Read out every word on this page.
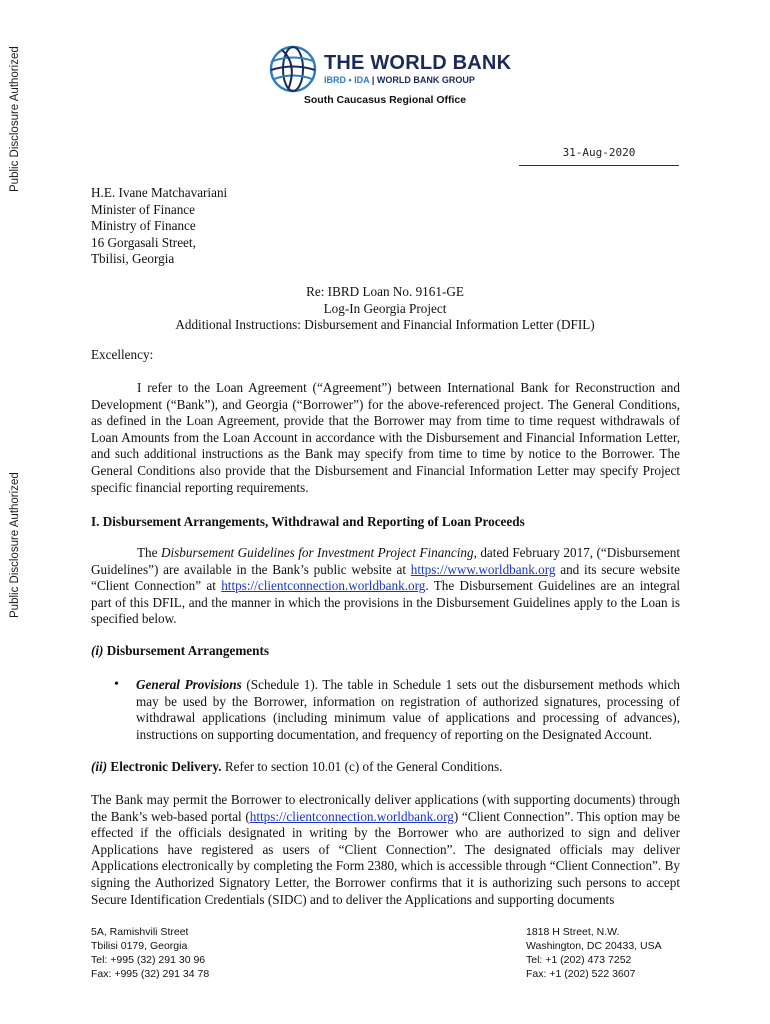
Public Disclosure Authorized
Public Disclosure Authorized
THE WORLD BANK
IBRD • IDA | WORLD BANK GROUP
South Caucasus Regional Office
31-Aug-2020
H.E. Ivane Matchavariani
Minister of Finance
Ministry of Finance
16 Gorgasali Street,
Tbilisi, Georgia
Re: IBRD Loan No. 9161-GE
Log-In Georgia Project
Additional Instructions: Disbursement and Financial Information Letter (DFIL)
Excellency:
I refer to the Loan Agreement (“Agreement”) between International Bank for Reconstruction and Development (“Bank”), and Georgia (“Borrower”) for the above-referenced project. The General Conditions, as defined in the Loan Agreement, provide that the Borrower may from time to time request withdrawals of Loan Amounts from the Loan Account in accordance with the Disbursement and Financial Information Letter, and such additional instructions as the Bank may specify from time to time by notice to the Borrower. The General Conditions also provide that the Disbursement and Financial Information Letter may specify Project specific financial reporting requirements.
I. Disbursement Arrangements, Withdrawal and Reporting of Loan Proceeds
The Disbursement Guidelines for Investment Project Financing, dated February 2017, (“Disbursement Guidelines”) are available in the Bank’s public website at https://www.worldbank.org and its secure website “Client Connection” at https://clientconnection.worldbank.org. The Disbursement Guidelines are an integral part of this DFIL, and the manner in which the provisions in the Disbursement Guidelines apply to the Loan is specified below.
(i) Disbursement Arrangements
• General Provisions (Schedule 1). The table in Schedule 1 sets out the disbursement methods which may be used by the Borrower, information on registration of authorized signatures, processing of withdrawal applications (including minimum value of applications and processing of advances), instructions on supporting documentation, and frequency of reporting on the Designated Account.
(ii) Electronic Delivery. Refer to section 10.01 (c) of the General Conditions.
The Bank may permit the Borrower to electronically deliver applications (with supporting documents) through the Bank’s web-based portal (https://clientconnection.worldbank.org) “Client Connection”. This option may be effected if the officials designated in writing by the Borrower who are authorized to sign and deliver Applications have registered as users of “Client Connection”. The designated officials may deliver Applications electronically by completing the Form 2380, which is accessible through “Client Connection”. By signing the Authorized Signatory Letter, the Borrower confirms that it is authorizing such persons to accept Secure Identification Credentials (SIDC) and to deliver the Applications and supporting documents
5A, Ramishvili Street
Tbilisi 0179, Georgia
Tel: +995 (32) 291 30 96
Fax: +995 (32) 291 34 78
1818 H Street, N.W.
Washington, DC 20433, USA
Tel: +1 (202) 473 7252
Fax: +1 (202) 522 3607
